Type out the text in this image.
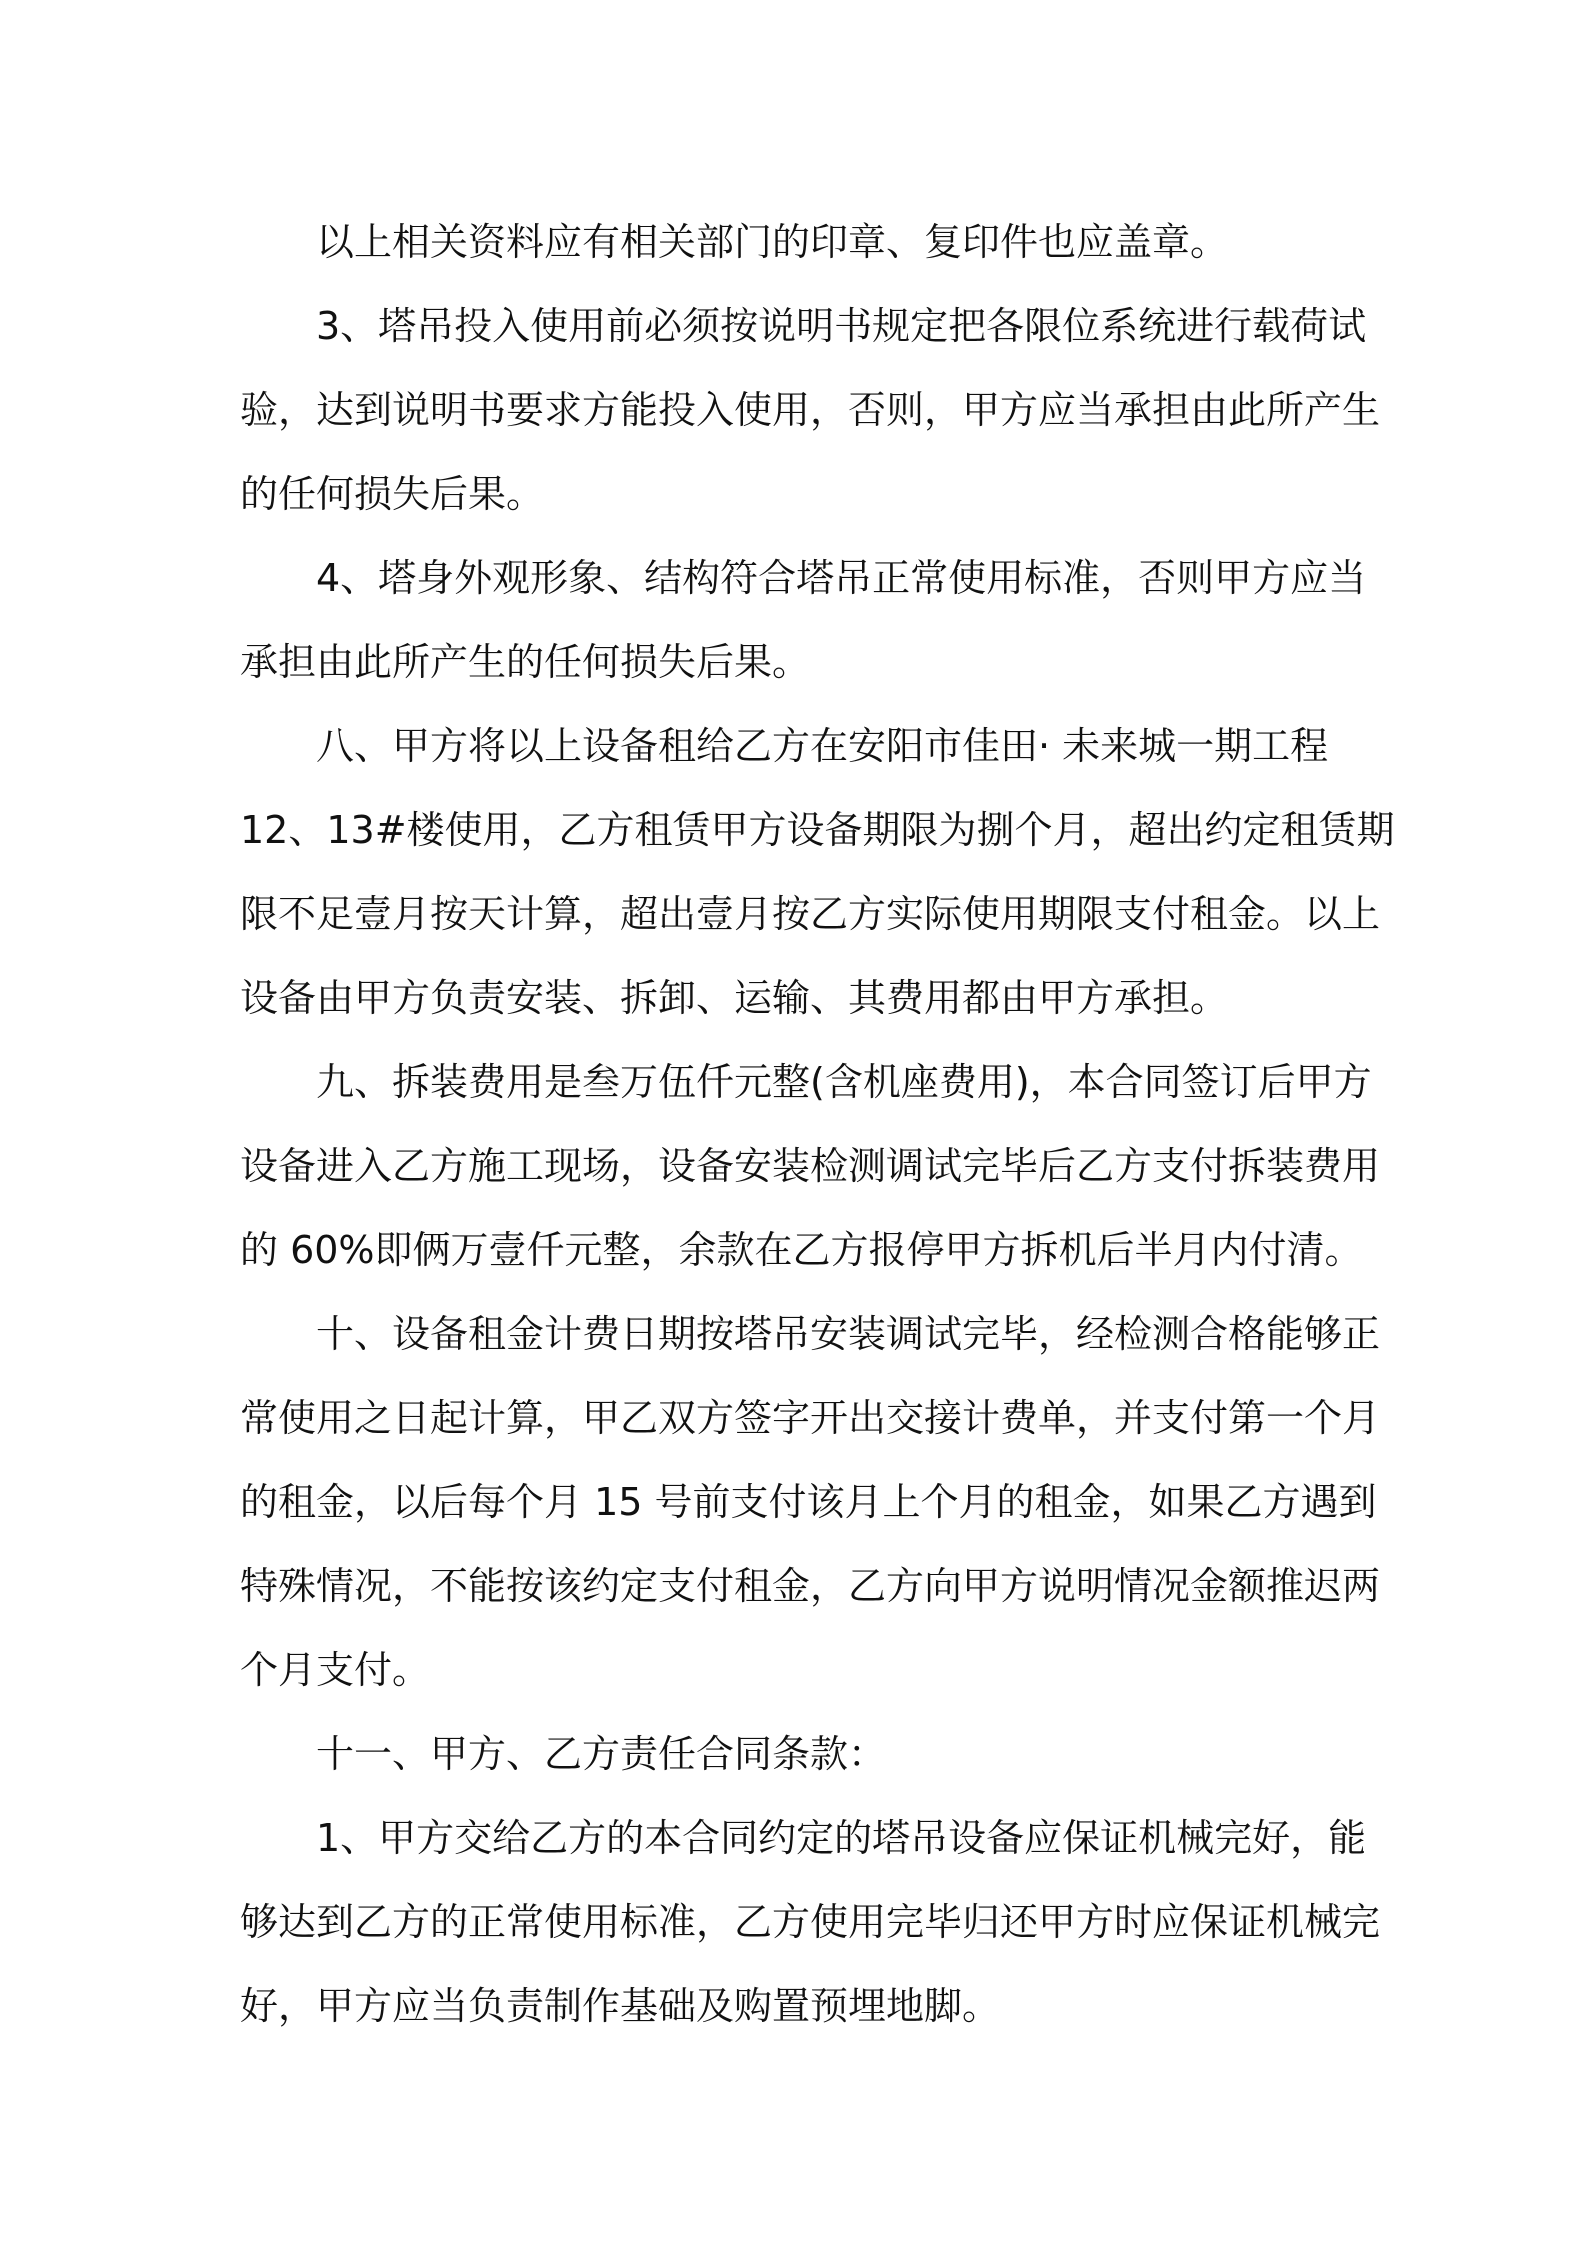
以上相关资料应有相关部门的印章、复印件也应盖章。
3、塔吊投入使用前必须按说明书规定把各限位系统进行载荷试
验，达到说明书要求方能投入使用，否则，甲方应当承担由此所产生
的任何损失后果。
4、塔身外观形象、结构符合塔吊正常使用标准，否则甲方应当
承担由此所产生的任何损失后果。
八、甲方将以上设备租给乙方在安阳市佳田· 未来城一期工程
12、13#楼使用，乙方租赁甲方设备期限为捌个月，超出约定租赁期
限不足壹月按天计算，超出壹月按乙方实际使用期限支付租金。以上
设备由甲方负责安装、拆卸、运输、其费用都由甲方承担。
九、拆装费用是叁万伍仟元整(含机座费用)，本合同签订后甲方
设备进入乙方施工现场，设备安装检测调试完毕后乙方支付拆装费用
的 60%即俩万壹仟元整，余款在乙方报停甲方拆机后半月内付清。
十、设备租金计费日期按塔吊安装调试完毕，经检测合格能够正
常使用之日起计算，甲乙双方签字开出交接计费单，并支付第一个月
的租金，以后每个月 15 号前支付该月上个月的租金，如果乙方遇到
特殊情况，不能按该约定支付租金，乙方向甲方说明情况金额推迟两
个月支付。
十一、甲方、乙方责任合同条款：
1、甲方交给乙方的本合同约定的塔吊设备应保证机械完好，能
够达到乙方的正常使用标准，乙方使用完毕归还甲方时应保证机械完
好，甲方应当负责制作基础及购置预埋地脚。
